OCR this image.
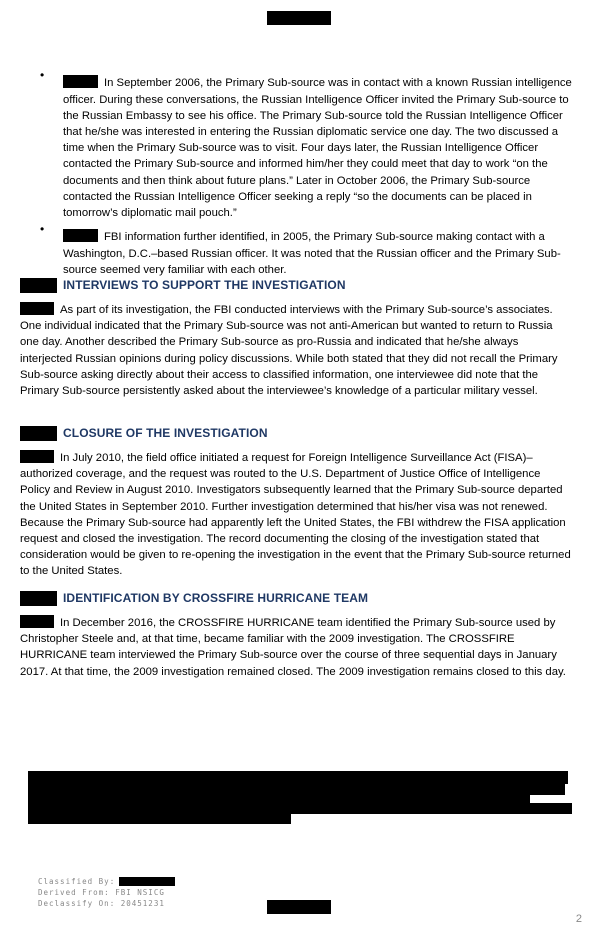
•

In September 2006, the Primary Sub-source was in contact with a known Russian intelligence officer. During these conversations, the Russian Intelligence Officer invited the Primary Sub-source to the Russian Embassy to see his office. The Primary Sub-source told the Russian Intelligence Officer that he/she was interested in entering the Russian diplomatic service one day. The two discussed a time when the Primary Sub-source was to visit. Four days later, the Russian Intelligence Officer contacted the Primary Sub-source and informed him/her they could meet that day to work “on the documents and then think about future plans.” Later in October 2006, the Primary Sub-source contacted the Russian Intelligence Officer seeking a reply “so the documents can be placed in tomorrow’s diplomatic mail pouch.”

•

FBI information further identified, in 2005, the Primary Sub-source making contact with a Washington, D.C.–based Russian officer. It was noted that the Russian officer and the Primary Sub-source seemed very familiar with each other.

INTERVIEWS TO SUPPORT THE INVESTIGATION

As part of its investigation, the FBI conducted interviews with the Primary Sub-source’s associates. One individual indicated that the Primary Sub-source was not anti-American but wanted to return to Russia one day. Another described the Primary Sub-source as pro-Russia and indicated that he/she always interjected Russian opinions during policy discussions. While both stated that they did not recall the Primary Sub-source asking directly about their access to classified information, one interviewee did note that the Primary Sub-source persistently asked about the interviewee’s knowledge of a particular military vessel.

CLOSURE OF THE INVESTIGATION

In July 2010, the field office initiated a request for Foreign Intelligence Surveillance Act (FISA)–authorized coverage, and the request was routed to the U.S. Department of Justice Office of Intelligence Policy and Review in August 2010. Investigators subsequently learned that the Primary Sub-source departed the United States in September 2010. Further investigation determined that his/her visa was not renewed. Because the Primary Sub-source had apparently left the United States, the FBI withdrew the FISA application request and closed the investigation. The record documenting the closing of the investigation stated that consideration would be given to re-opening the investigation in the event that the Primary Sub-source returned to the United States.

IDENTIFICATION BY CROSSFIRE HURRICANE TEAM

In December 2016, the CROSSFIRE HURRICANE team identified the Primary Sub-source used by Christopher Steele and, at that time, became familiar with the 2009 investigation. The CROSSFIRE HURRICANE team interviewed the Primary Sub-source over the course of three sequential days in January 2017. At that time, the 2009 investigation remained closed. The 2009 investigation remains closed to this day.

Classified By:
Derived From: FBI NSICG
Declassify On: 20451231
2
